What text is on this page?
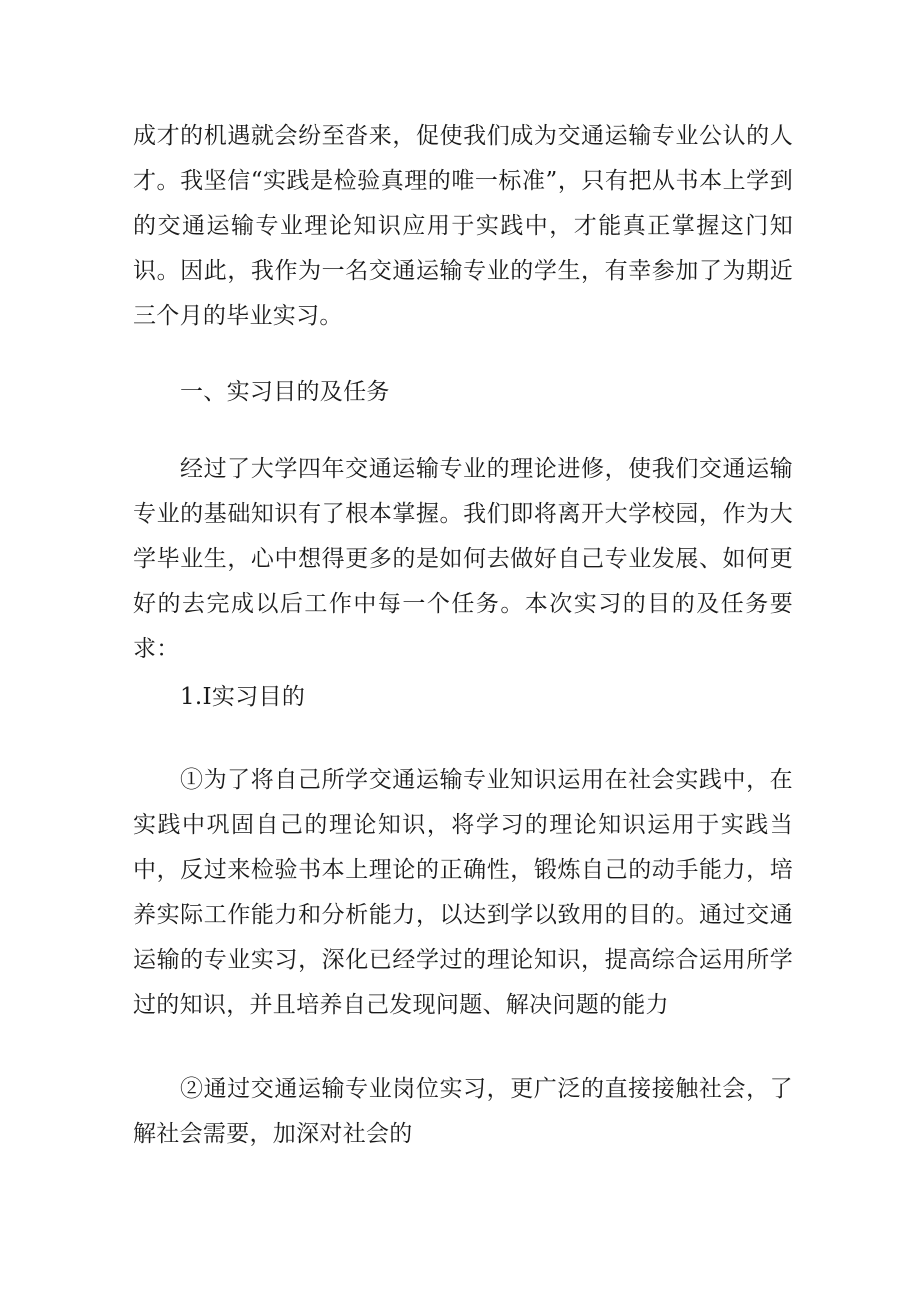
成才的机遇就会纷至沓来，促使我们成为交通运输专业公认的人才。我坚信“实践是检验真理的唯一标准”，只有把从书本上学到的交通运输专业理论知识应用于实践中，才能真正掌握这门知识。因此，我作为一名交通运输专业的学生，有幸参加了为期近三个月的毕业实习。

一、实习目的及任务

经过了大学四年交通运输专业的理论进修，使我们交通运输专业的基础知识有了根本掌握。我们即将离开大学校园，作为大学毕业生，心中想得更多的是如何去做好自己专业发展、如何更好的去完成以后工作中每一个任务。本次实习的目的及任务要求：

1.I实习目的

①为了将自己所学交通运输专业知识运用在社会实践中，在实践中巩固自己的理论知识，将学习的理论知识运用于实践当中，反过来检验书本上理论的正确性，锻炼自己的动手能力，培养实际工作能力和分析能力，以达到学以致用的目的。通过交通运输的专业实习，深化已经学过的理论知识，提高综合运用所学过的知识，并且培养自己发现问题、解决问题的能力

②通过交通运输专业岗位实习，更广泛的直接接触社会，了解社会需要，加深对社会的
